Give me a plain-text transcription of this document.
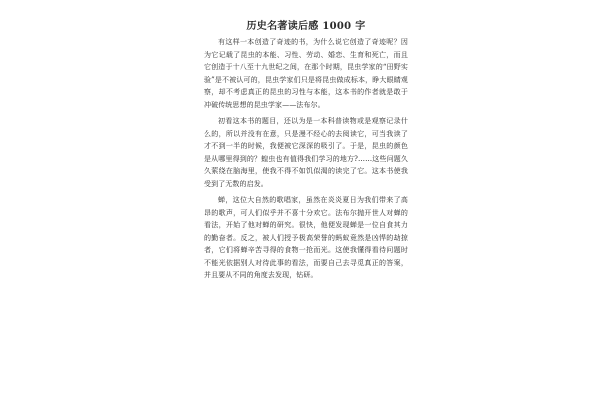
历史名著读后感 1000 字

有这样一本创造了奇迹的书，为什么说它创造了奇迹呢？因为它记载了昆虫的本能、习性、劳动、婚恋、生育和死亡，而且它创造于十八至十九世纪之间，在那个时期，昆虫学家的“田野实验”是不被认可的，昆虫学家们只是将昆虫做成标本，睁大眼睛观察，却不考虑真正的昆虫的习性与本能，这本书的作者就是敢于冲破传统思想的昆虫学家——法布尔。

初看这本书的题目，还以为是一本科普读物或是观察记录什么的，所以并没有在意，只是漫不经心的去阅读它，可当我读了才不到一半的时候，我便被它深深的吸引了。于是，昆虫的颜色是从哪里得到的？蝗虫也有值得我们学习的地方?……这些问题久久萦绕在脑海里，使我不得不如饥似渴的读完了它。这本书使我受到了无数的启发。

蝉，这位大自然的歌唱家，虽然在炎炎夏日为我们带来了高昂的歌声，可人们似乎并不喜十分欢它。法布尔抛开世人对蝉的看法，开始了他对蝉的研究。很快，他便发现蝉是一位自食其力的勤奋者。反之，被人们授予极高荣誉的蚂蚁竟然是凶悍的劫掠者，它们将蝉辛苦寻得的食物一抢而光。这使我懂得看待问题时不能光依据别人对待此事的看法，而要自己去寻觅真正的答案，并且要从不同的角度去发现，钻研。
